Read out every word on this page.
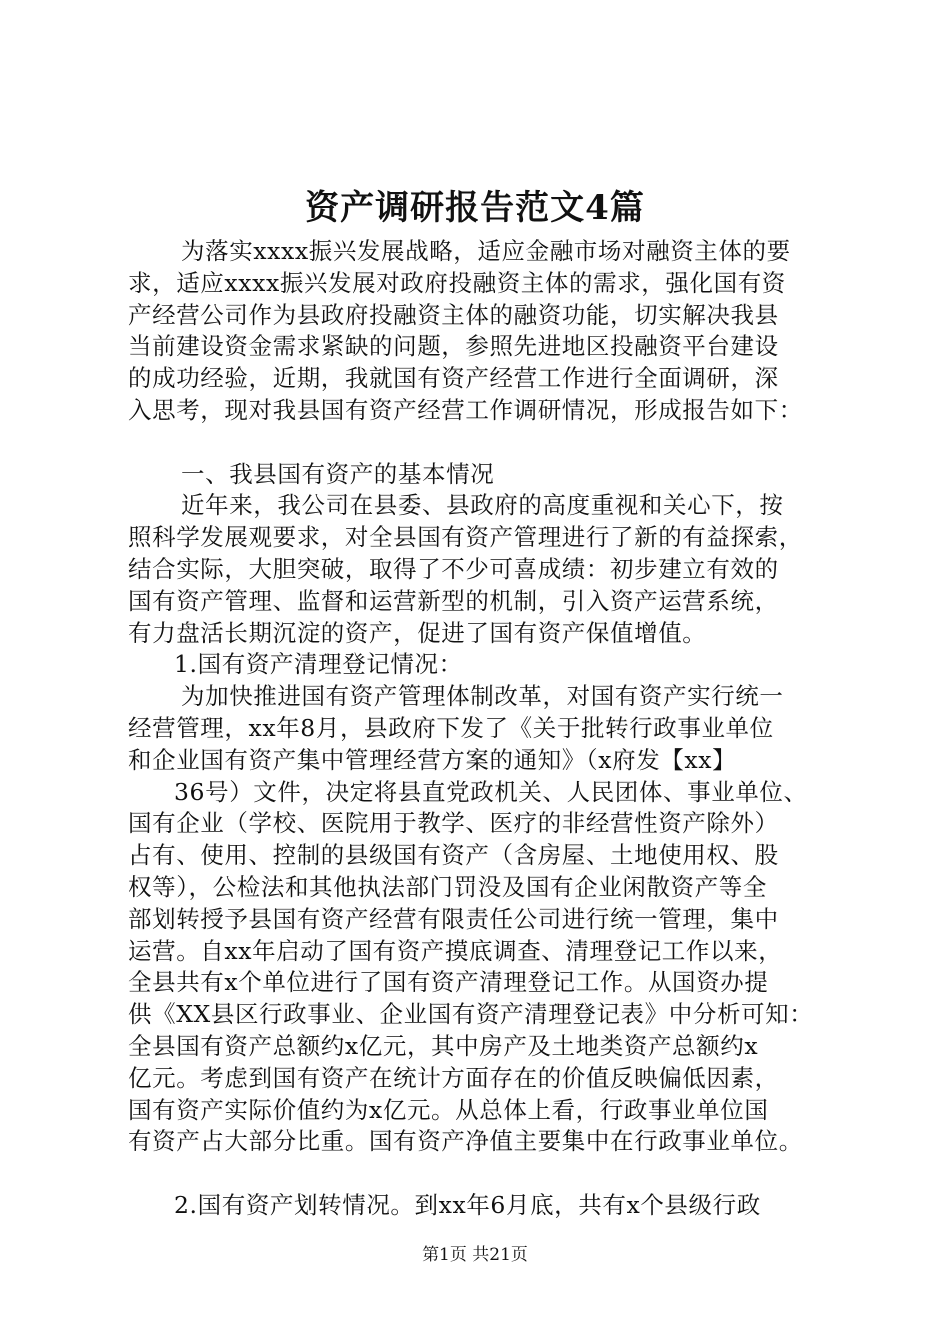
资产调研报告范文4篇
为落实xxxx振兴发展战略，适应金融市场对融资主体的要
求，适应xxxx振兴发展对政府投融资主体的需求，强化国有资
产经营公司作为县政府投融资主体的融资功能，切实解决我县
当前建设资金需求紧缺的问题，参照先进地区投融资平台建设
的成功经验，近期，我就国有资产经营工作进行全面调研，深
入思考，现对我县国有资产经营工作调研情况，形成报告如下：
一、我县国有资产的基本情况
近年来，我公司在县委、县政府的高度重视和关心下，按
照科学发展观要求，对全县国有资产管理进行了新的有益探索，
结合实际，大胆突破，取得了不少可喜成绩：初步建立有效的
国有资产管理、监督和运营新型的机制，引入资产运营系统，
有力盘活长期沉淀的资产，促进了国有资产保值增值。
1.国有资产清理登记情况：
为加快推进国有资产管理体制改革，对国有资产实行统一
经营管理，xx年8月，县政府下发了《关于批转行政事业单位
和企业国有资产集中管理经营方案的通知》（x府发【xx】
36号）文件，决定将县直党政机关、人民团体、事业单位、
国有企业（学校、医院用于教学、医疗的非经营性资产除外）
占有、使用、控制的县级国有资产（含房屋、土地使用权、股
权等），公检法和其他执法部门罚没及国有企业闲散资产等全
部划转授予县国有资产经营有限责任公司进行统一管理，集中
运营。自xx年启动了国有资产摸底调查、清理登记工作以来，
全县共有x个单位进行了国有资产清理登记工作。从国资办提
供《XX县区行政事业、企业国有资产清理登记表》中分析可知：
全县国有资产总额约x亿元，其中房产及土地类资产总额约x
亿元。考虑到国有资产在统计方面存在的价值反映偏低因素，
国有资产实际价值约为x亿元。从总体上看，行政事业单位国
有资产占大部分比重。国有资产净值主要集中在行政事业单位。
2.国有资产划转情况。到xx年6月底，共有x个县级行政
第1页 共21页
